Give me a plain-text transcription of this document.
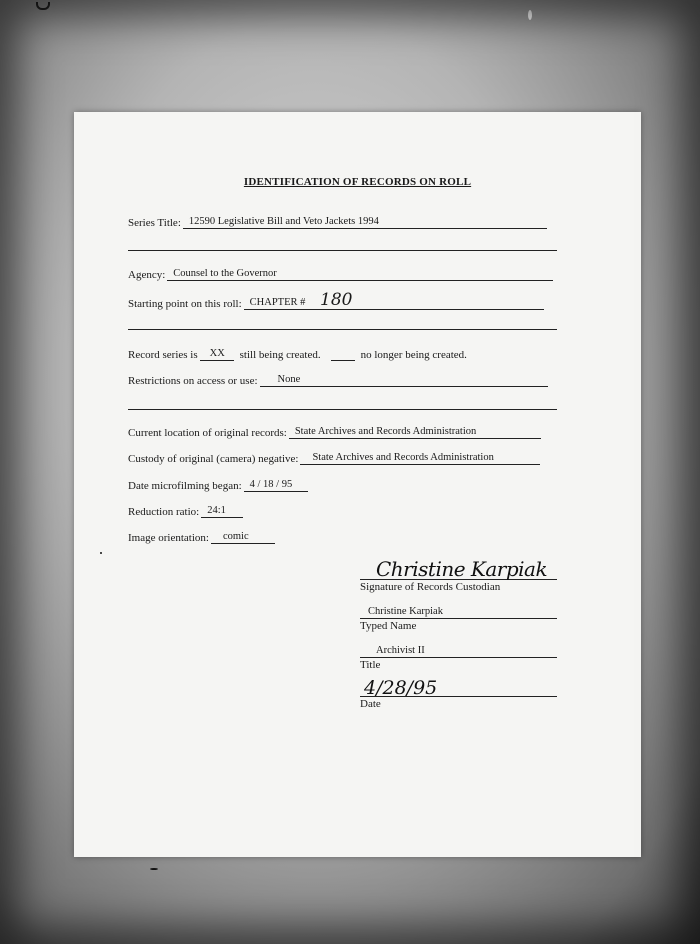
IDENTIFICATION OF RECORDS ON ROLL
Series Title: 12590 Legislative Bill and Veto Jackets 1994
Agency: Counsel to the Governor
Starting point on this roll: CHAPTER # 180
Record series is	XX	still being created.	no longer being created.
Restrictions on access or use:	None
Current location of original records: State Archives and Records Administration
Custody of original (camera) negative:	State Archives and Records Administration
Date microfilming began: 4 / 18 / 95
Reduction ratio: 24:1
Image orientation:	comic
Christine Karpiak
Signature of Records Custodian
Christine Karpiak
Typed Name
Archivist II
Title
4/28/95
Date
